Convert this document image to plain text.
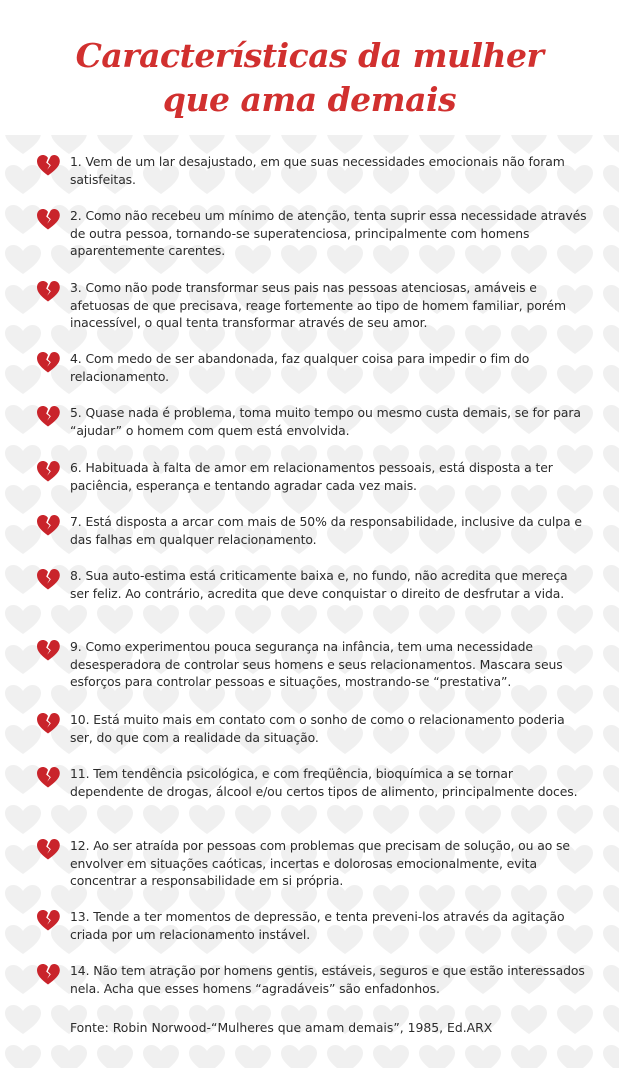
Características da mulher
que ama demais
1. Vem de um lar desajustado, em que suas necessidades emocionais não foram satisfeitas.
2. Como não recebeu um mínimo de atenção, tenta suprir essa necessidade através de outra pessoa, tornando-se superatenciosa, principalmente com homens aparentemente carentes.
3. Como não pode transformar seus pais nas pessoas atenciosas, amáveis e afetuosas de que precisava, reage fortemente ao tipo de homem familiar, porém inacessível, o qual tenta transformar através de seu amor.
4. Com medo de ser abandonada, faz qualquer coisa para impedir o fim do relacionamento.
5. Quase nada é problema, toma muito tempo ou mesmo custa demais, se for para “ajudar” o homem com quem está envolvida.
6. Habituada à falta de amor em relacionamentos pessoais, está disposta a ter paciência, esperança e tentando agradar cada vez mais.
7. Está disposta a arcar com mais de 50% da responsabilidade, inclusive da culpa e das falhas em qualquer relacionamento.
8. Sua auto-estima está criticamente baixa e, no fundo, não acredita que mereça ser feliz. Ao contrário, acredita que deve conquistar o direito de desfrutar a vida.
9. Como experimentou pouca segurança na infância, tem uma necessidade desesperadora de controlar seus homens e seus relacionamentos. Mascara seus esforços para controlar pessoas e situações, mostrando-se “prestativa”.
10. Está muito mais em contato com o sonho de como o relacionamento poderia ser, do que com a realidade da situação.
11. Tem tendência psicológica, e com freqüência, bioquímica a se tornar dependente de drogas, álcool e/ou certos tipos de alimento, principalmente doces.
12. Ao ser atraída por pessoas com problemas que precisam de solução, ou ao se envolver em situações caóticas, incertas e dolorosas emocionalmente, evita concentrar a responsabilidade em si própria.
13. Tende a ter momentos de depressão, e tenta preveni-los através da agitação criada por um relacionamento instável.
14. Não tem atração por homens gentis, estáveis, seguros e que estão interessados nela. Acha que esses homens “agradáveis” são enfadonhos.
Fonte: Robin Norwood-“Mulheres que amam demais”, 1985, Ed.ARX
